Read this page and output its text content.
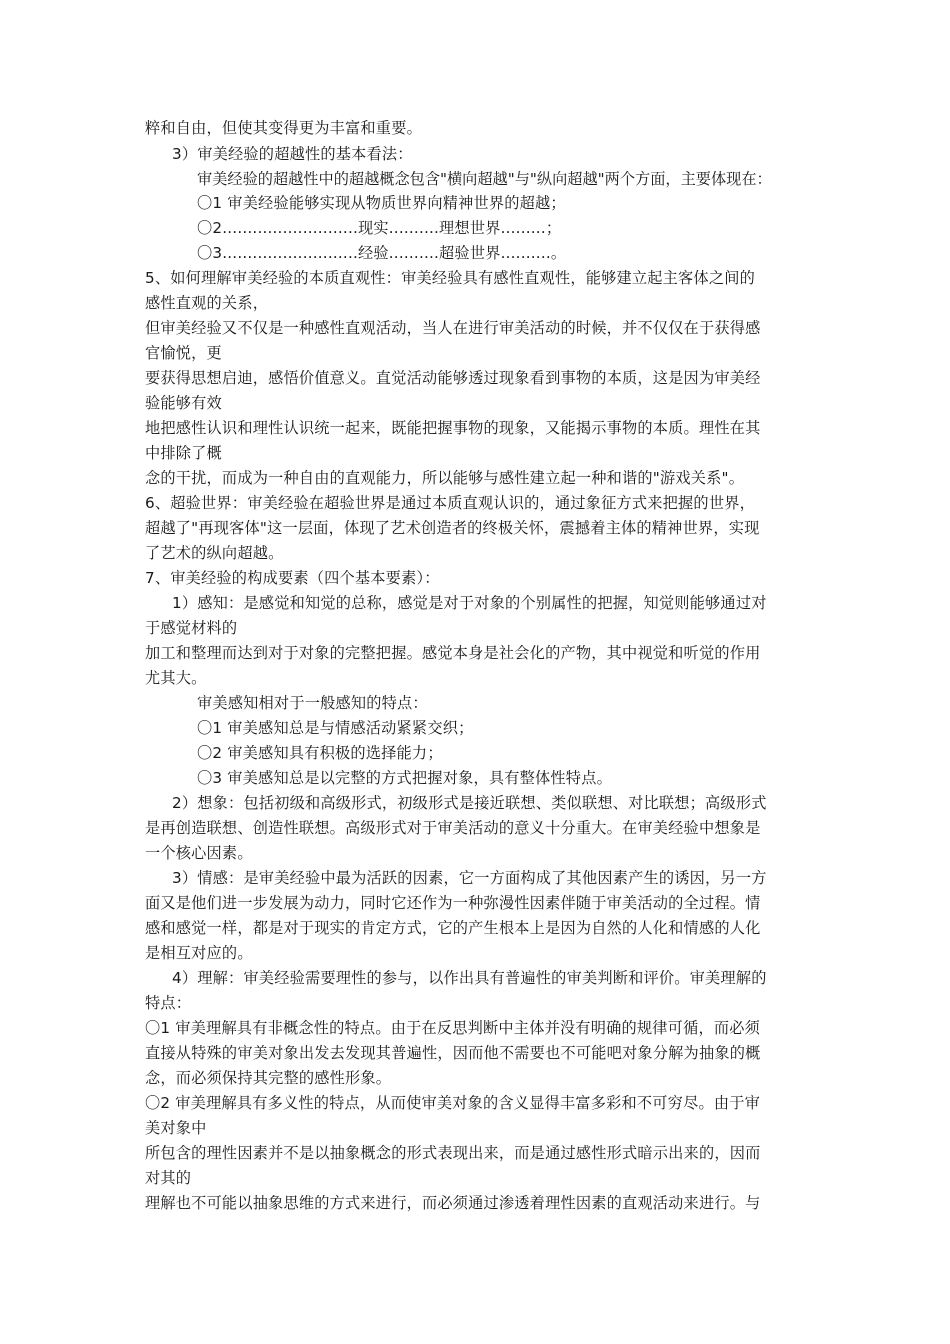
粹和自由，但使其变得更为丰富和重要。
3）审美经验的超越性的基本看法：
审美经验的超越性中的超越概念包含"横向超越"与"纵向超越"两个方面，主要体现在：
〇1 审美经验能够实现从物质世界向精神世界的超越；
〇2...........................现实..........理想世界.........；
〇3...........................经验..........超验世界..........。
5、如何理解审美经验的本质直观性：审美经验具有感性直观性，能够建立起主客体之间的
感性直观的关系，
但审美经验又不仅是一种感性直观活动，当人在进行审美活动的时候，并不仅仅在于获得感
官愉悦，更
要获得思想启迪，感悟价值意义。直觉活动能够透过现象看到事物的本质，这是因为审美经
验能够有效
地把感性认识和理性认识统一起来，既能把握事物的现象，又能揭示事物的本质。理性在其
中排除了概
念的干扰，而成为一种自由的直观能力，所以能够与感性建立起一种和谐的"游戏关系"。
6、超验世界：审美经验在超验世界是通过本质直观认识的，通过象征方式来把握的世界，
超越了"再现客体"这一层面，体现了艺术创造者的终极关怀，震撼着主体的精神世界，实现
了艺术的纵向超越。
7、审美经验的构成要素（四个基本要素）：
1）感知：是感觉和知觉的总称，感觉是对于对象的个别属性的把握，知觉则能够通过对
于感觉材料的
加工和整理而达到对于对象的完整把握。感觉本身是社会化的产物，其中视觉和听觉的作用
尤其大。
审美感知相对于一般感知的特点：
〇1 审美感知总是与情感活动紧紧交织；
〇2 审美感知具有积极的选择能力；
〇3 审美感知总是以完整的方式把握对象，具有整体性特点。
2）想象：包括初级和高级形式，初级形式是接近联想、类似联想、对比联想；高级形式
是再创造联想、创造性联想。高级形式对于审美活动的意义十分重大。在审美经验中想象是
一个核心因素。
3）情感：是审美经验中最为活跃的因素，它一方面构成了其他因素产生的诱因，另一方
面又是他们进一步发展为动力，同时它还作为一种弥漫性因素伴随于审美活动的全过程。情
感和感觉一样，都是对于现实的肯定方式，它的产生根本上是因为自然的人化和情感的人化
是相互对应的。
4）理解：审美经验需要理性的参与，以作出具有普遍性的审美判断和评价。审美理解的
特点：
〇1 审美理解具有非概念性的特点。由于在反思判断中主体并没有明确的规律可循，而必须
直接从特殊的审美对象出发去发现其普遍性，因而他不需要也不可能吧对象分解为抽象的概
念，而必须保持其完整的感性形象。
〇2 审美理解具有多义性的特点，从而使审美对象的含义显得丰富多彩和不可穷尽。由于审
美对象中
所包含的理性因素并不是以抽象概念的形式表现出来，而是通过感性形式暗示出来的，因而
对其的
理解也不可能以抽象思维的方式来进行，而必须通过渗透着理性因素的直观活动来进行。与
